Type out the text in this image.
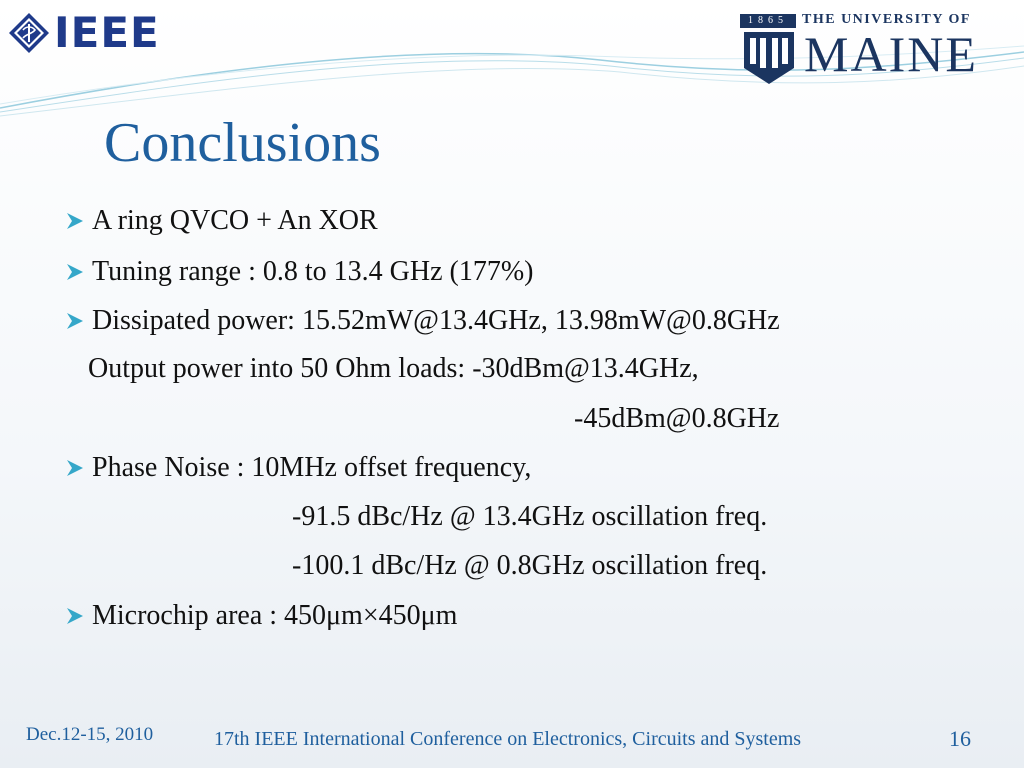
IEEE	1865	THE UNIVERSITY OF
MAINE
Conclusions
A ring QVCO + An XOR
Tuning range : 0.8 to 13.4 GHz (177%)
Dissipated power: 15.52mW@13.4GHz, 13.98mW@0.8GHz
Output power into 50 Ohm loads: -30dBm@13.4GHz,
-45dBm@0.8GHz
Phase Noise : 10MHz offset frequency,
-91.5 dBc/Hz @ 13.4GHz oscillation freq.
-100.1 dBc/Hz @ 0.8GHz oscillation freq.
Microchip area : 450μm×450μm
Dec.12-15, 2010	17th IEEE International Conference on Electronics, Circuits and Systems	16
